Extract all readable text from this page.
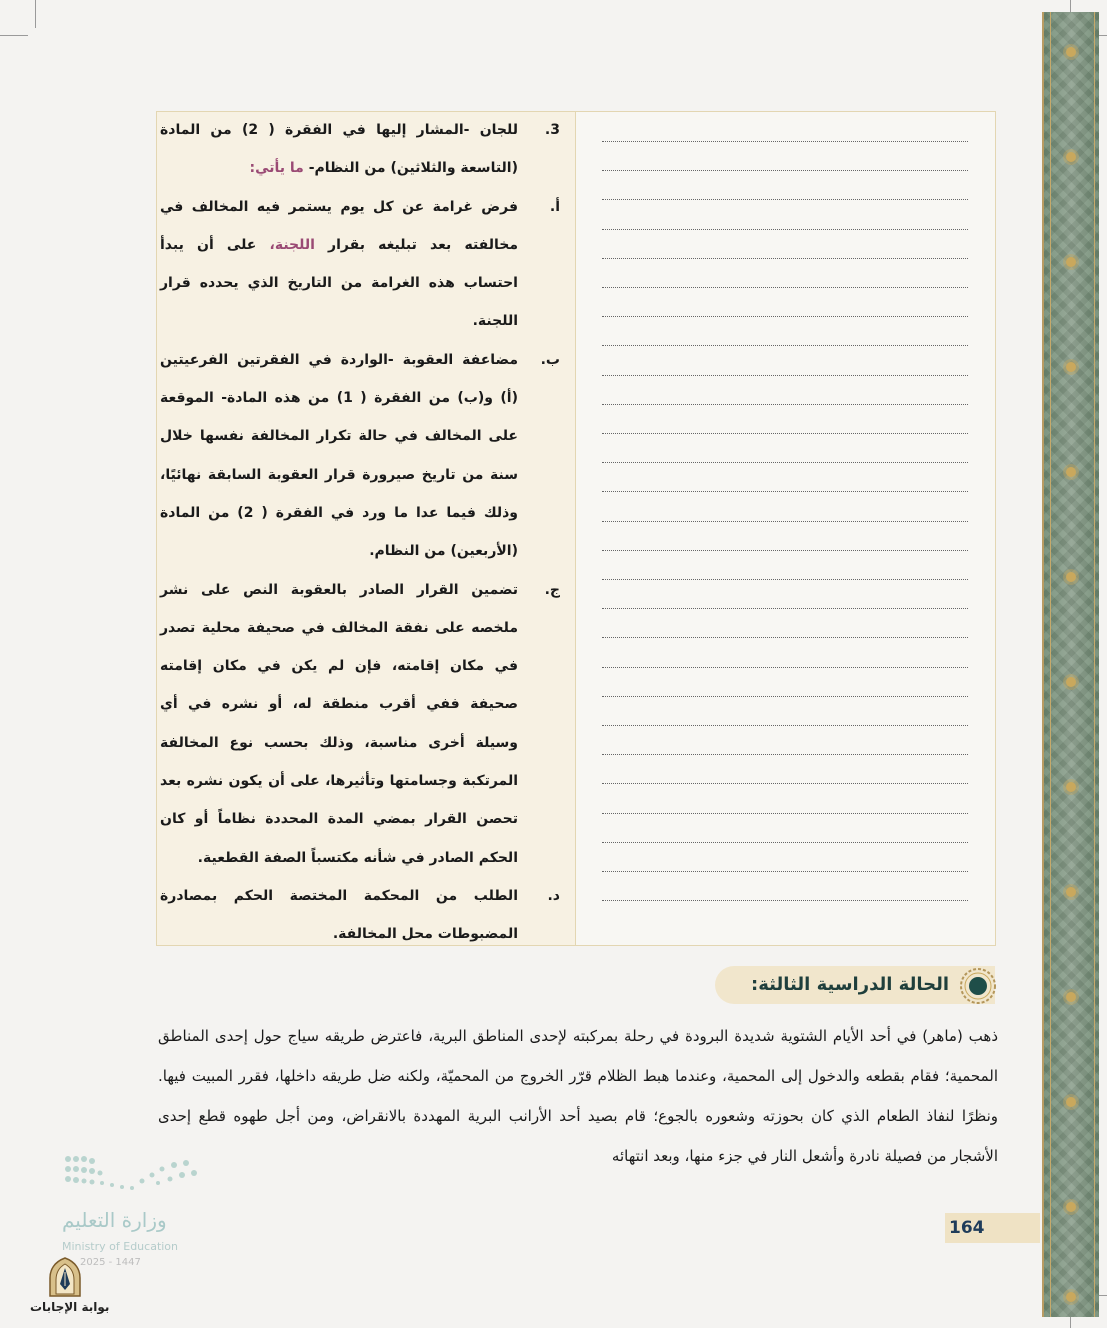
3.
للجان -المشار إليها في الفقرة ( 2) من المادة (التاسعة والثلاثين) من النظام- ما يأتي:
أ.
فرض غرامة عن كل يوم يستمر فيه المخالف في مخالفته بعد تبليغه بقرار اللجنة، على أن يبدأ احتساب هذه الغرامة من التاريخ الذي يحدده قرار اللجنة.
ب.
مضاعفة العقوبة -الواردة في الفقرتين الفرعيتين (أ) و(ب) من الفقرة ( 1) من هذه المادة- الموقعة على المخالف في حالة تكرار المخالفة نفسها خلال سنة من تاريخ صيرورة قرار العقوبة السابقة نهائيًا، وذلك فيما عدا ما ورد في الفقرة ( 2) من المادة (الأربعين) من النظام.
ج.
تضمين القرار الصادر بالعقوبة النص على نشر ملخصه على نفقة المخالف في صحيفة محلية تصدر في مكان إقامته، فإن لم يكن في مكان إقامته صحيفة ففي أقرب منطقة له، أو نشره في أي وسيلة أخرى مناسبة، وذلك بحسب نوع المخالفة المرتكبة وجسامتها وتأثيرها، على أن يكون نشره بعد تحصن القرار بمضي المدة المحددة نظاماً أو كان الحكم الصادر في شأنه مكتسباً الصفة القطعية.
د.
الطلب من المحكمة المختصة الحكم بمصادرة المضبوطات محل المخالفة.
الحالة الدراسية الثالثة:
ذهب (ماهر) في أحد الأيام الشتوية شديدة البرودة في رحلة بمركبته لإحدى المناطق البرية، فاعترض طريقه سياج حول إحدى المناطق المحمية؛ فقام بقطعه والدخول إلى المحمية، وعندما هبط الظلام قرّر الخروج من المحميّة، ولكنه ضل طريقه داخلها، فقرر المبيت فيها. ونظرًا لنفاذ الطعام الذي كان بحوزته وشعوره بالجوع؛ قام بصيد أحد الأرانب البرية المهددة بالانقراض، ومن أجل طهوه قطع إحدى الأشجار من فصيلة نادرة وأشعل النار في جزء منها، وبعد انتهائه
164
وزارة التعليم
Ministry of Education
2025 - 1447
بوابة الإجابات
